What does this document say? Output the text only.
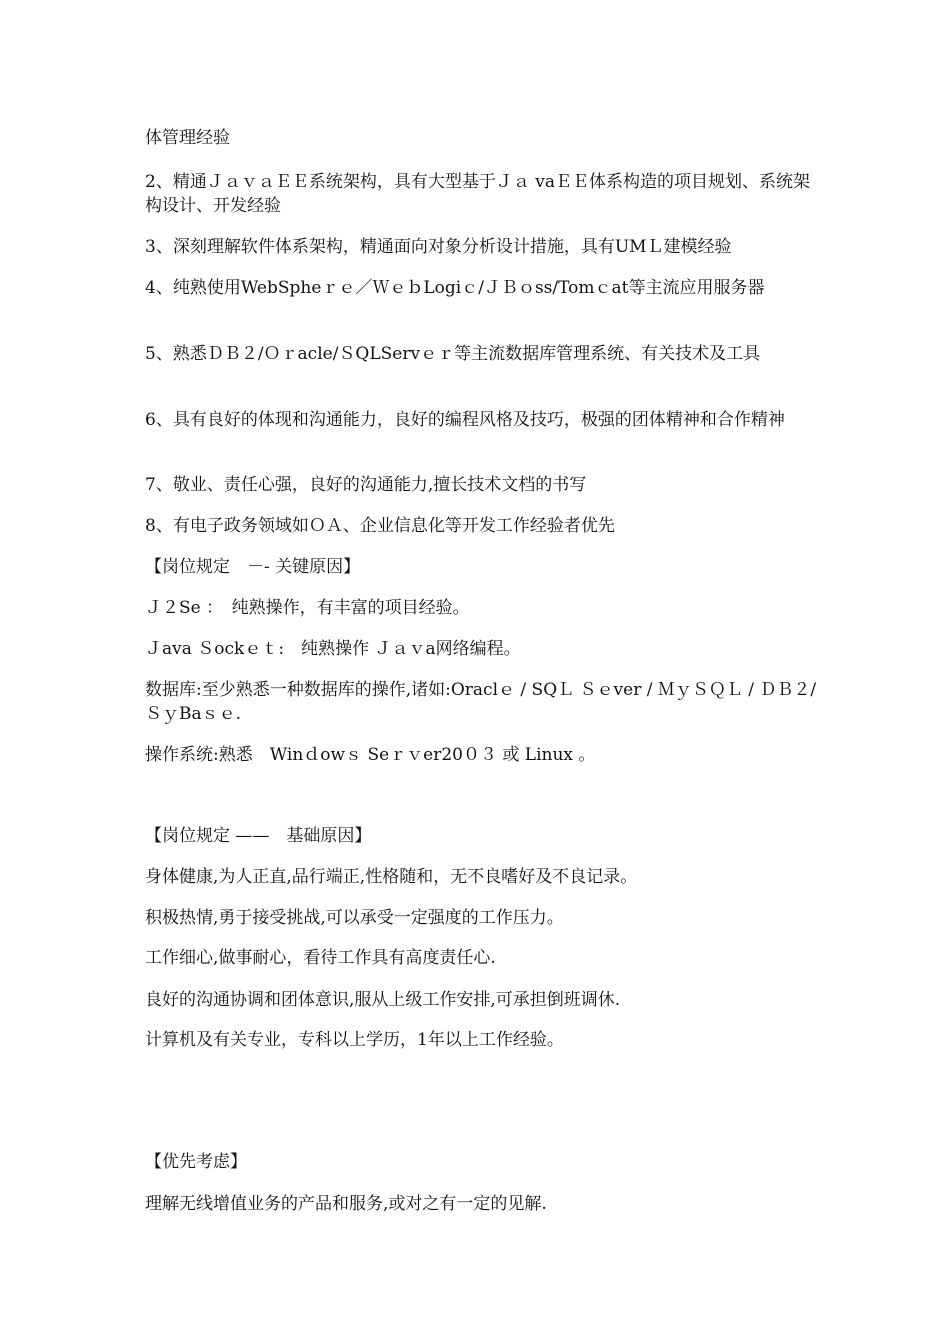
体管理经验
2、精通ＪａｖａＥＥ系统架构，具有大型基于Ｊａ vaＥＥ体系构造的项目规划、系统架构设计、开发经验
3、深刻理解软件体系架构，精通面向对象分析设计措施，具有UMＬ建模经验
4、纯熟使用WebSpheｒｅ／ＷｅｂLogiｃ/ＪＢｏss/Tomｃat等主流应用服务器
5、熟悉ＤＢ２/Ｏｒacle/ＳQLServｅｒ等主流数据库管理系统、有关技术及工具
6、具有良好的体现和沟通能力，良好的编程风格及技巧，极强的团体精神和合作精神
7、敬业、责任心强，良好的沟通能力,擅长技术文档的书写
8、有电子政务领域如ＯＡ、企业信息化等开发工作经验者优先
【岗位规定　－- 关键原因】
Ｊ２Se ：　纯熟操作，有丰富的项目经验。
Ｊava Ｓockｅｔ:　纯熟操作 Ｊａｖa网络编程。
数据库:至少熟悉一种数据库的操作,诸如:Oraclｅ / SQＬ Ｓｅver / ＭｙＳＱＬ / ＤＢ２/ＳｙBaｓｅ.
操作系统:熟悉　Winｄowｓ Seｒｖer20０３ 或 Linux 。
【岗位规定 ——　基础原因】
身体健康,为人正直,品行端正,性格随和，无不良嗜好及不良记录。
积极热情,勇于接受挑战,可以承受一定强度的工作压力。
工作细心,做事耐心，看待工作具有高度责任心.
良好的沟通协调和团体意识,服从上级工作安排,可承担倒班调休.
计算机及有关专业，专科以上学历，1年以上工作经验。
【优先考虑】
理解无线增值业务的产品和服务,或对之有一定的见解.
